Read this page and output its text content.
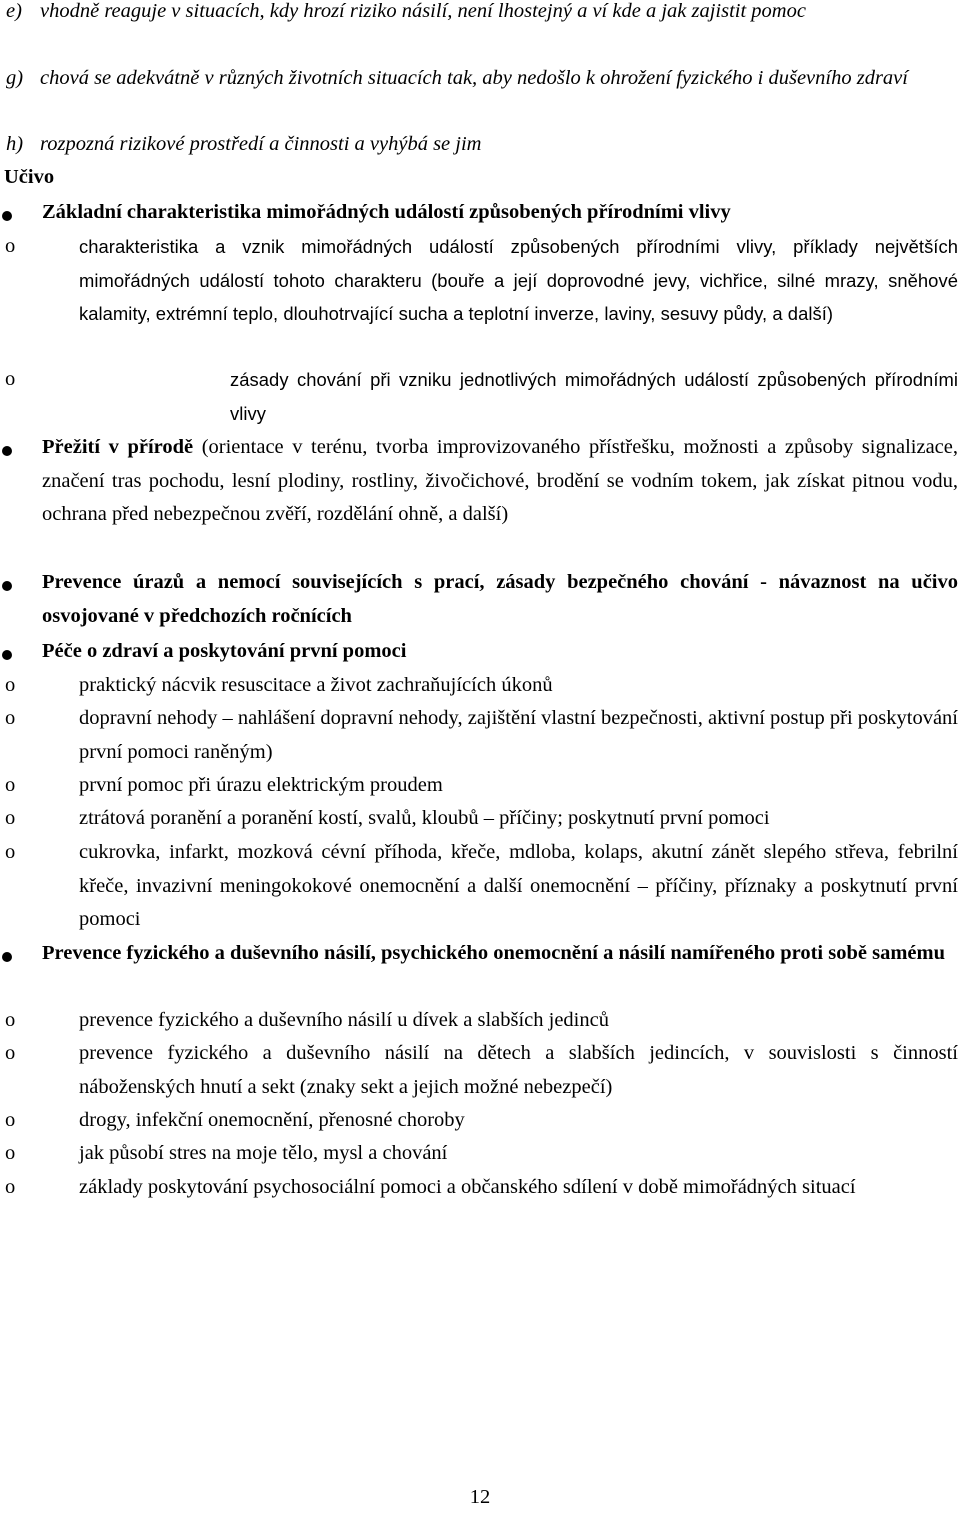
e) vhodně reaguje v situacích, kdy hrozí riziko násilí, není lhostejný a ví kde a jak zajistit pomoc
g) chová se adekvátně v různých životních situacích tak, aby nedošlo k ohrožení fyzického i duševního zdraví
h) rozpozná rizikové prostředí a činnosti a vyhýbá se jim
Učivo
Základní charakteristika mimořádných událostí způsobených přírodními vlivy
o	charakteristika a vznik mimořádných událostí způsobených přírodními vlivy, příklady největších mimořádných událostí tohoto charakteru (bouře a její doprovodné jevy, vichřice, silné mrazy, sněhové kalamity, extrémní teplo, dlouhotrvající sucha a teplotní inverze, laviny, sesuvy půdy, a další)
o	zásady chování při vzniku jednotlivých mimořádných událostí způsobených přírodními vlivy
Přežití v přírodě (orientace v terénu, tvorba improvizovaného přístřešku, možnosti a způsoby signalizace, značení tras pochodu, lesní plodiny, rostliny, živočichové, brodění se vodním tokem, jak získat pitnou vodu, ochrana před nebezpečnou zvěří, rozdělání ohně, a další)
Prevence úrazů a nemocí souvisejících s prací, zásady bezpečného chování - návaznost na učivo osvojované v předchozích ročnících
Péče o zdraví a poskytování první pomoci
o	praktický nácvik resuscitace a život zachraňujících úkonů
o	dopravní nehody – nahlášení dopravní nehody, zajištění vlastní bezpečnosti, aktivní postup při poskytování první pomoci raněným)
o	první pomoc při úrazu elektrickým proudem
o	ztrátová poranění a poranění kostí, svalů, kloubů – příčiny; poskytnutí první pomoci
o	cukrovka, infarkt, mozková cévní příhoda, křeče, mdloba, kolaps, akutní zánět slepého střeva, febrilní křeče, invazivní meningokokové onemocnění a další onemocnění – příčiny, příznaky a poskytnutí první pomoci
Prevence fyzického a duševního násilí, psychického onemocnění a násilí namířeného proti sobě samému
o	prevence fyzického a duševního násilí u dívek a slabších jedinců
o	prevence fyzického a duševního násilí na dětech a slabších jedincích, v souvislosti s činností náboženských hnutí a sekt (znaky sekt a jejich možné nebezpečí)
o	drogy, infekční onemocnění, přenosné choroby
o	jak působí stres na moje tělo, mysl a chování
o	základy poskytování psychosociální pomoci a občanského sdílení v době mimořádných situací
12
